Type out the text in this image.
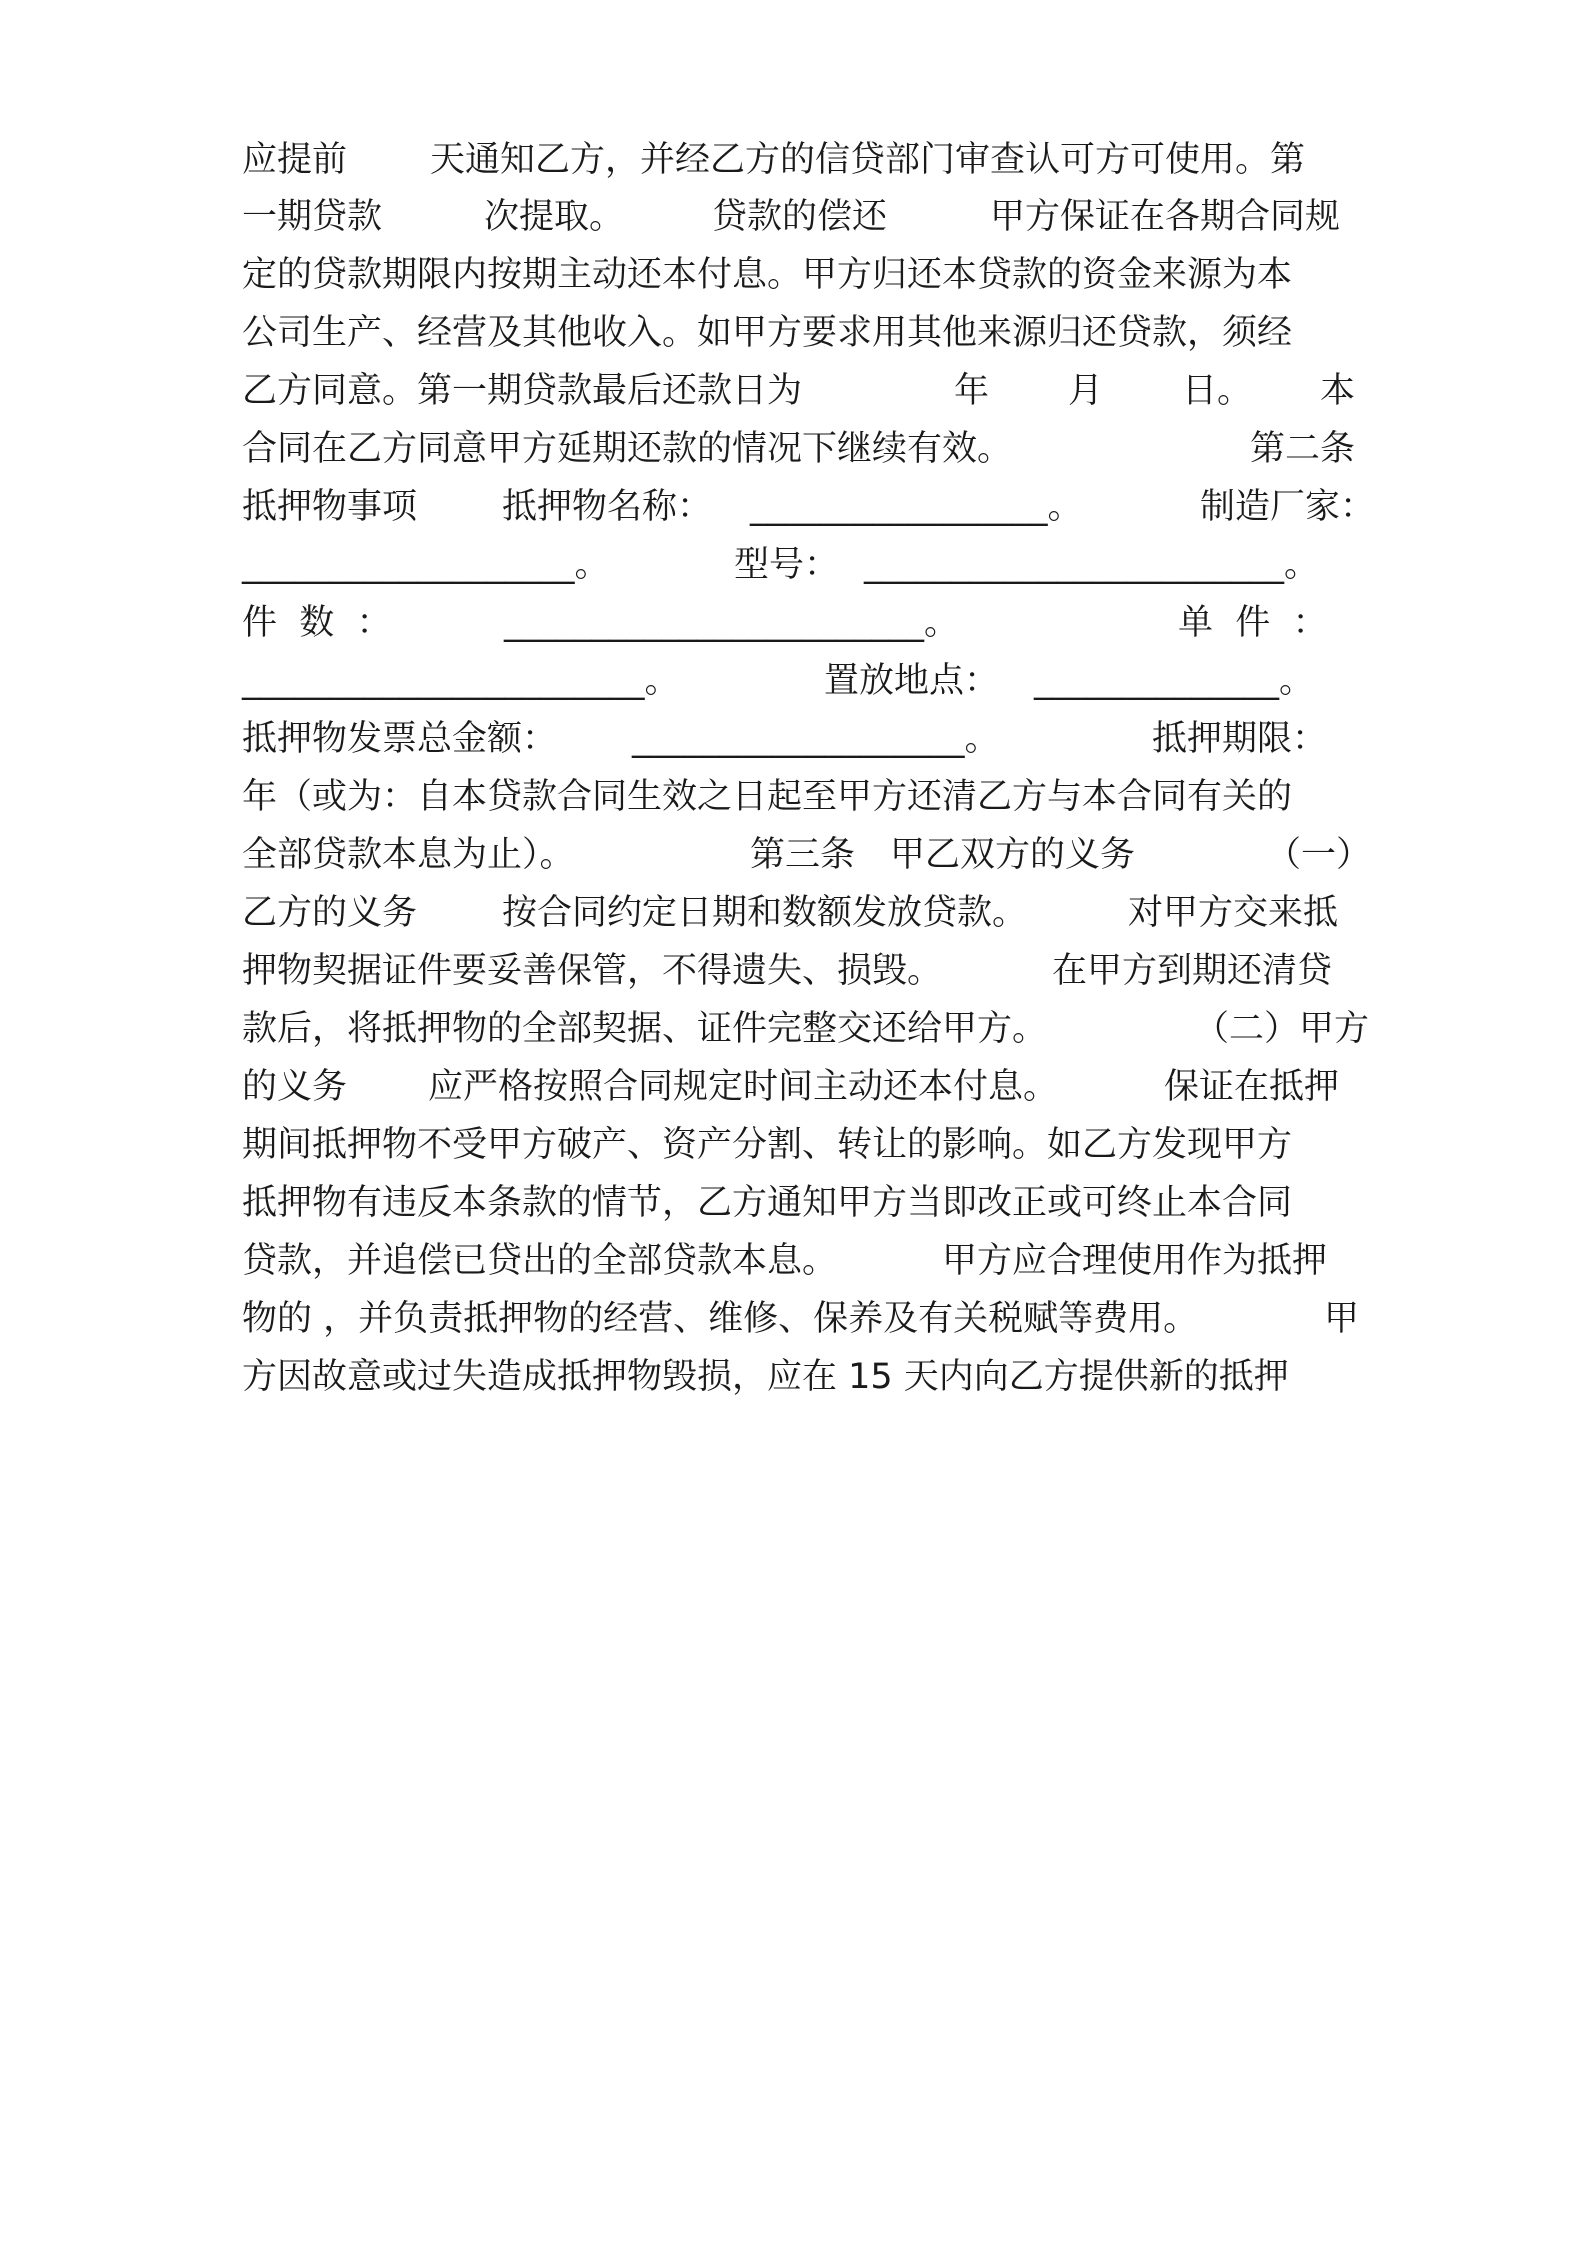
应提前 天通知乙方，并经乙方的信贷部门审查认可方可使用。第
一期贷款	次提取。	贷款的偿还	甲方保证在各期合同规
定的贷款期限内按期主动还本付息。甲方归还本贷款的资金来源为本
公司生产、经营及其他收入。如甲方要求用其他来源归还贷款，须经
乙方同意。第一期贷款最后还款日为	年 月 日。 本
合同在乙方同意甲方延期还款的情况下继续有效。	第二条
抵押物事项 抵押物名称： _________________。	制造厂家：
___________________。	型号： ________________________。
件  数  ：	________________________。	单  件  ：
_______________________。	置放地点： ______________。
抵押物发票总金额： ___________________。	抵押期限：
年（或为：自本贷款合同生效之日起至甲方还清乙方与本合同有关的
全部贷款本息为止）。	第三条　甲乙双方的义务	（一）
乙方的义务 按合同约定日期和数额发放贷款。	对甲方交来抵
押物契据证件要妥善保管，不得遗失、损毁。	在甲方到期还清贷
款后，将抵押物的全部契据、证件完整交还给甲方。	（二）甲方
的义务 应严格按照合同规定时间主动还本付息。	保证在抵押
期间抵押物不受甲方破产、资产分割、转让的影响。如乙方发现甲方
抵押物有违反本条款的情节，乙方通知甲方当即改正或可终止本合同
贷款，并追偿已贷出的全部贷款本息。	甲方应合理使用作为抵押
物的 ，并负责抵押物的经营、维修、保养及有关税赋等费用。	甲
方因故意或过失造成抵押物毁损，应在 15 天内向乙方提供新的抵押
